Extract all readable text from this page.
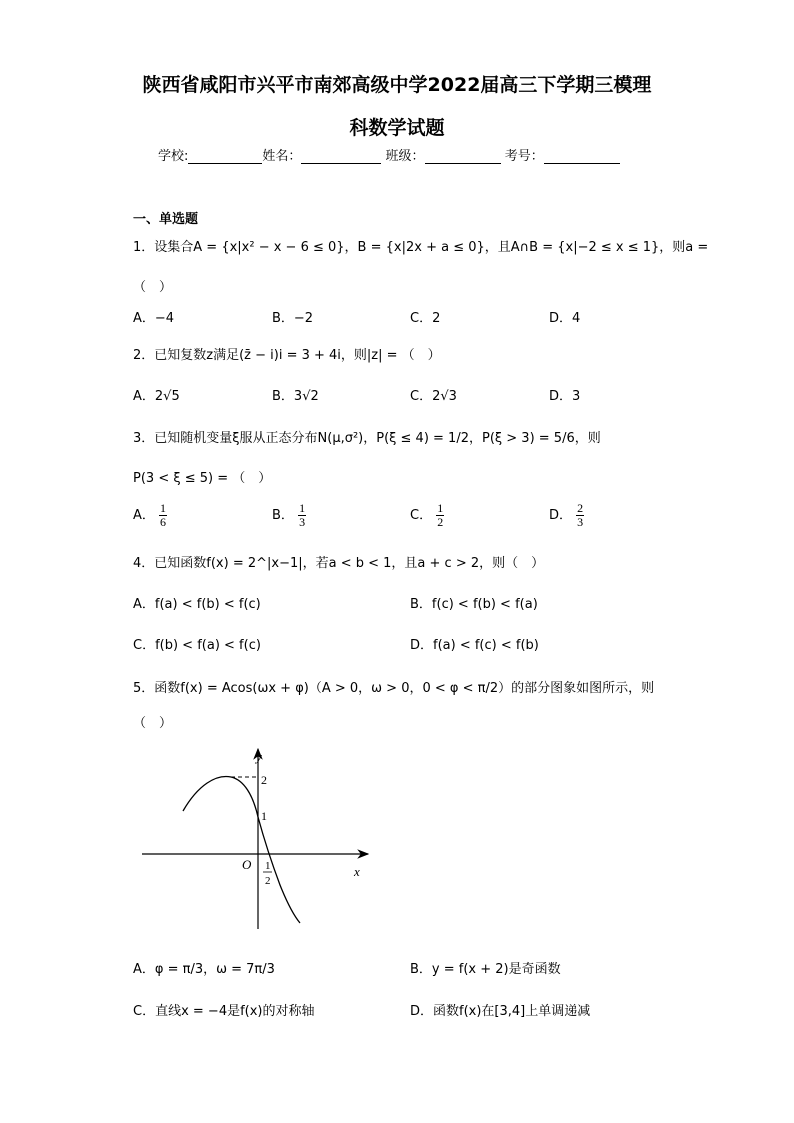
陕西省咸阳市兴平市南郊高级中学2022届高三下学期三模理
科数学试题
学校:	姓名：	班级：	考号：
一、单选题
1．设集合A = {x|x² − x − 6 ≤ 0}，B = {x|2x + a ≤ 0}，且A∩B = {x|−2 ≤ x ≤ 1}，则a =
（　）
A．−4	B．−2	C．2	D．4
2．已知复数z满足(z̄ − i)i = 3 + 4i，则|z| = （　）
A．2√5	B．3√2	C．2√3	D．3
3．已知随机变量ξ服从正态分布N(μ,σ²)，P(ξ ≤ 4) = 1/2，P(ξ > 3) = 5/6，则
P(3 < ξ ≤ 5) = （　）
A． $\frac{1}{6}$	B． $\frac{1}{3}$	C． $\frac{1}{2}$	D． $\frac{2}{3}$
4．已知函数f(x) = 2^|x−1|，若a < b < 1，且a + c > 2，则（　）
A．f(a) < f(b) < f(c)	B．f(c) < f(b) < f(a)
C．f(b) < f(a) < f(c)	D．f(a) < f(c) < f(b)
5．函数f(x) = Acos(ωx + φ)（A > 0，ω > 0，0 < φ < π/2）的部分图象如图所示，则
（　）
y
x
O
2
1
1
2
A．φ = π/3，ω = 7π/3	B．y = f(x + 2)是奇函数
C．直线x = −4是f(x)的对称轴	D．函数f(x)在[3,4]上单调递减
